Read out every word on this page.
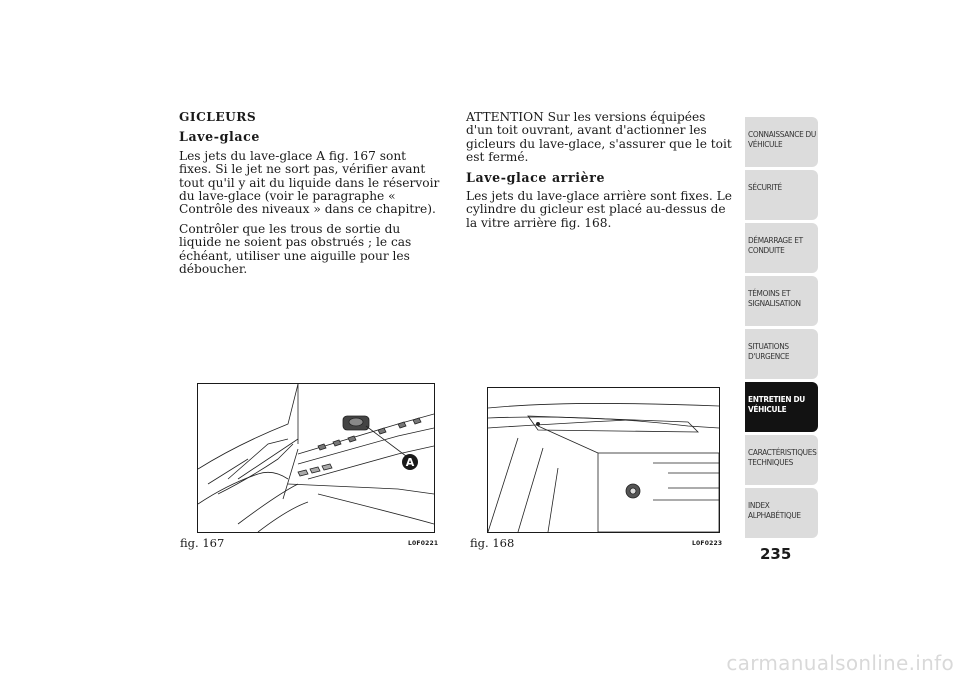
GICLEURS

Lave-glace

Les jets du lave-glace A fig. 167 sont fixes. Si le jet ne sort pas, vérifier avant tout qu'il y ait du liquide dans le réservoir du lave-glace (voir le paragraphe « Contrôle des niveaux » dans ce chapitre).

Contrôler que les trous de sortie du liquide ne soient pas obstrués ; le cas échéant, utiliser une aiguille pour les déboucher.

ATTENTION Sur les versions équipées d'un toit ouvrant, avant d'actionner les gicleurs du lave-glace, s'assurer que le toit est fermé.

Lave-glace arrière

Les jets du lave-glace arrière sont fixes. Le cylindre du gicleur est placé au-dessus de la vitre arrière fig. 168.

A
fig. 167	L0F0221	fig. 168	L0F0223
CONNAISSANCE DU
VÉHICULE
SÉCURITÉ
DÉMARRAGE ET
CONDUITE
TÉMOINS ET
SIGNALISATION
SITUATIONS
D'URGENCE
ENTRETIEN DU
VÉHICULE
CARACTÉRISTIQUES
TECHNIQUES
INDEX
ALPHABÉTIQUE
235
carmanualsonline.info
